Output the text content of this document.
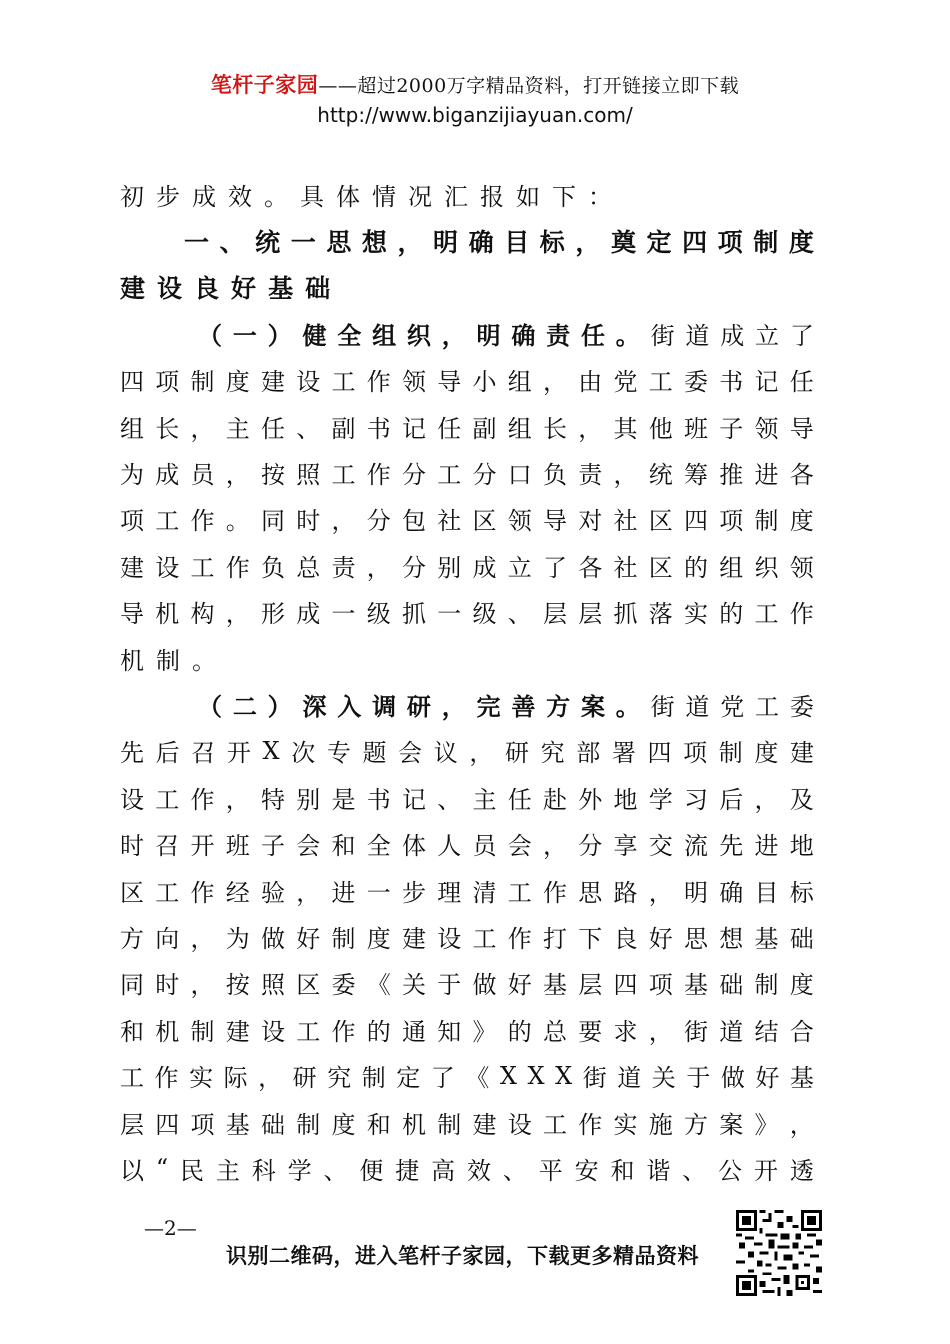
笔杆子家园——超过2000万字精品资料，打开链接立即下载
http://www.biganzijiayuan.com/
初 步 成 效 。 具 体 情 况 汇 报 如 下 ：
一 、 统 一 思 想 ， 明 确 目 标 ， 奠 定 四 项 制 度
建 设 良 好 基 础
（ 一 ） 健 全 组 织 ， 明 确 责 任 。 街 道 成 立 了
四 项 制 度 建 设 工 作 领 导 小 组 ， 由 党 工 委 书 记 任
组 长 ， 主 任 、 副 书 记 任 副 组 长 ， 其 他 班 子 领 导
为 成 员 ， 按 照 工 作 分 工 分 口 负 责 ， 统 筹 推 进 各
项 工 作 。 同 时 ， 分 包 社 区 领 导 对 社 区 四 项 制 度
建 设 工 作 负 总 责 ， 分 别 成 立 了 各 社 区 的 组 织 领
导 机 构 ， 形 成 一 级 抓 一 级 、 层 层 抓 落 实 的 工 作
机 制 。
（ 二 ） 深 入 调 研 ， 完 善 方 案 。 街 道 党 工 委
先 后 召 开 X 次 专 题 会 议 ， 研 究 部 署 四 项 制 度 建
设 工 作 ， 特 别 是 书 记 、 主 任 赴 外 地 学 习 后 ， 及
时 召 开 班 子 会 和 全 体 人 员 会 ， 分 享 交 流 先 进 地
区 工 作 经 验 ， 进 一 步 理 清 工 作 思 路 ， 明 确 目 标
方 向 ， 为 做 好 制 度 建 设 工 作 打 下 良 好 思 想 基 础
同 时 ， 按 照 区 委 《 关 于 做 好 基 层 四 项 基 础 制 度
和 机 制 建 设 工 作 的 通 知 》 的 总 要 求 ， 街 道 结 合
工 作 实 际 ， 研 究 制 定 了 《 X X X 街 道 关 于 做 好 基
层 四 项 基 础 制 度 和 机 制 建 设 工 作 实 施 方 案 》 ，
以 “ 民 主 科 学 、 便 捷 高 效 、 平 安 和 谐 、 公 开 透
—2—
识别二维码，进入笔杆子家园，下载更多精品资料
